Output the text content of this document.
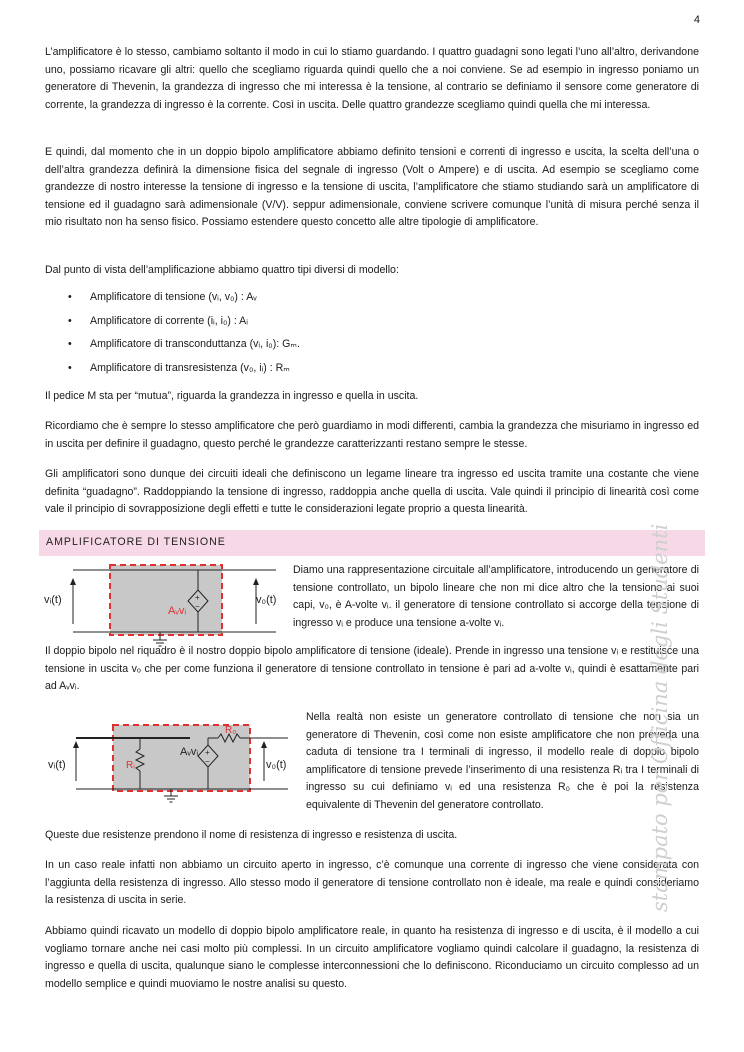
4

L’amplificatore è lo stesso, cambiamo soltanto il modo in cui lo stiamo guardando. I quattro guadagni sono legati l’uno all’altro, derivandone uno, possiamo ricavare gli altri: quello che scegliamo riguarda quindi quello che a noi conviene. Se ad esempio in ingresso poniamo un generatore di Thevenin, la grandezza di ingresso che mi interessa è la tensione, al contrario se definiamo il sensore come generatore di corrente, la grandezza di ingresso è la corrente. Così in uscita. Delle quattro grandezze scegliamo quindi quella che mi interessa.

E quindi, dal momento che in un doppio bipolo amplificatore abbiamo definito tensioni e correnti di ingresso e uscita, la scelta dell’una o dell’altra grandezza definirà la dimensione fisica del segnale di ingresso (Volt o Ampere) e di uscita. Ad esempio se scegliamo come grandezze di nostro interesse la tensione di ingresso e la tensione di uscita, l’amplificatore che stiamo studiando sarà un amplificatore di tensione ed il guadagno sarà adimensionale (V/V). seppur adimensionale, conviene scrivere comunque l’unità di misura perché senza il mio risultato non ha senso fisico. Possiamo estendere questo concetto alle altre tipologie di amplificatore.

Dal punto di vista dell’amplificazione abbiamo quattro tipi diversi di modello:

• Amplificatore di tensione (vᵢ, v₀) : Aᵥ
• Amplificatore di corrente (iᵢ, i₀) : Aᵢ
• Amplificatore di transconduttanza (vᵢ, i₀): Gₘ.
• Amplificatore di transresistenza (v₀, iᵢ) : Rₘ

Il pedice M sta per “mutua”, riguarda la grandezza in ingresso e quella in uscita.

Ricordiamo che è sempre lo stesso amplificatore che però guardiamo in modi differenti, cambia la grandezza che misuriamo in ingresso ed in uscita per definire il guadagno, questo perché le grandezze caratterizzanti restano sempre le stesse.

Gli amplificatori sono dunque dei circuiti ideali che definiscono un legame lineare tra ingresso ed uscita tramite una costante che viene definita “guadagno”. Raddoppiando la tensione di ingresso, raddoppia anche quella di uscita. Vale quindi il principio di linearità così come vale il principio di sovrapposizione degli effetti e tutte le considerazioni legate proprio a questa linearità.

AMPLIFICATORE DI TENSIONE
+
−
vᵢ(t)	v₀(t)
Aᵥvᵢ

Diamo una rappresentazione circuitale all’amplificatore, introducendo un generatore di tensione controllato, un bipolo lineare che non mi dice altro che la tensione ai suoi capi, v₀, è A-volte vᵢ. il generatore di tensione controllato si accorge della tensione di ingresso vᵢ e produce una tensione a-volte vᵢ.

Il doppio bipolo nel riquadro è il nostro doppio bipolo amplificatore di tensione (ideale). Prende in ingresso una tensione vᵢ e restituisce una tensione in uscita vₒ che per come funziona il generatore di tensione controllato in tensione è pari ad a-volte vᵢ, quindi è esattamente pari ad Aᵥvᵢ.

+
−
vᵢ(t)	v₀(t)
Aᵥvᵢ
Rᵢ
R₀

Nella realtà non esiste un generatore controllato di tensione che non sia un generatore di Thevenin, così come non esiste amplificatore che non preveda una caduta di tensione tra I terminali di ingresso, il modello reale di doppio bipolo amplificatore di tensione prevede l’inserimento di una resistenza Rᵢ tra I terminali di ingresso su cui definiamo vᵢ ed una resistenza R₀ che è poi la resistenza equivalente di Thevenin del generatore controllato.

Queste due resistenze prendono il nome di resistenza di ingresso e resistenza di uscita.

In un caso reale infatti non abbiamo un circuito aperto in ingresso, c’è comunque una corrente di ingresso che viene considerata con l’aggiunta della resistenza di ingresso. Allo stesso modo il generatore di tensione controllato non è ideale, ma reale e quindi consideriamo la resistenza di uscita in serie.

Abbiamo quindi ricavato un modello di doppio bipolo amplificatore reale, in quanto ha resistenza di ingresso e di uscita, è il modello a cui vogliamo tornare anche nei casi molto più complessi. In un circuito amplificatore vogliamo quindi calcolare il guadagno, la resistenza di ingresso e quella di uscita, qualunque siano le complesse interconnessioni che lo definiscono. Riconduciamo un circuito complesso ad un modello semplice e quindi muoviamo le nostre analisi su questo.

stampato per Officina degli Studenti
